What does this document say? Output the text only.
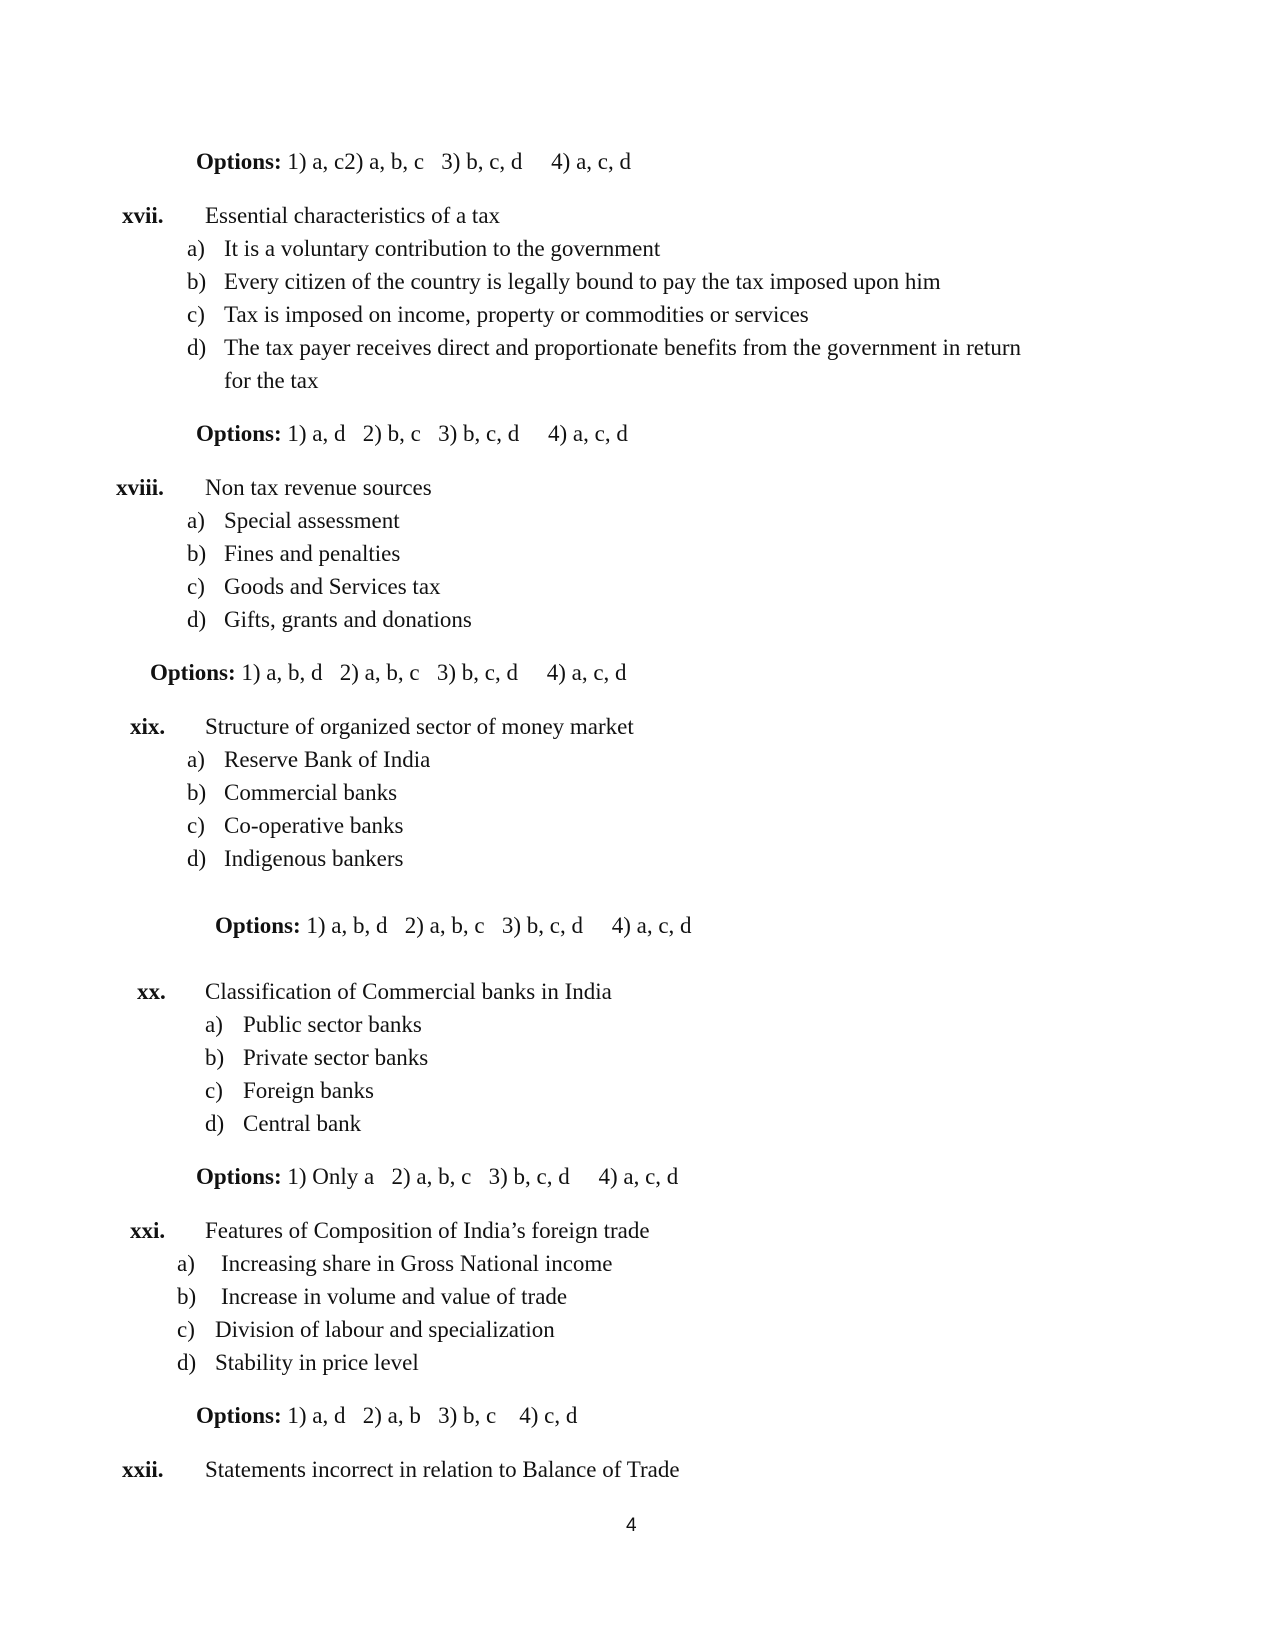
Options: 1) a, c2) a, b, c   3) b, c, d     4) a, c, d
xvii. Essential characteristics of a tax
a) It is a voluntary contribution to the government
b) Every citizen of the country is legally bound to pay the tax imposed upon him
c) Tax is imposed on income, property or commodities or services
d) The tax payer receives direct and proportionate benefits from the government in return
for the tax
Options: 1) a, d   2) b, c   3) b, c, d     4) a, c, d
xviii. Non tax revenue sources
a) Special assessment
b) Fines and penalties
c) Goods and Services tax
d) Gifts, grants and donations
Options: 1) a, b, d   2) a, b, c   3) b, c, d     4) a, c, d
xix. Structure of organized sector of money market
a) Reserve Bank of India
b) Commercial banks
c) Co-operative banks
d) Indigenous bankers
Options: 1) a, b, d   2) a, b, c   3) b, c, d     4) a, c, d
xx. Classification of Commercial banks in India
a) Public sector banks
b) Private sector banks
c) Foreign banks
d) Central bank
Options: 1) Only a   2) a, b, c   3) b, c, d     4) a, c, d
xxi. Features of Composition of India’s foreign trade
a) Increasing share in Gross National income
b) Increase in volume and value of trade
c) Division of labour and specialization
d) Stability in price level
Options: 1) a, d   2) a, b   3) b, c    4) c, d
xxii. Statements incorrect in relation to Balance of Trade
4
